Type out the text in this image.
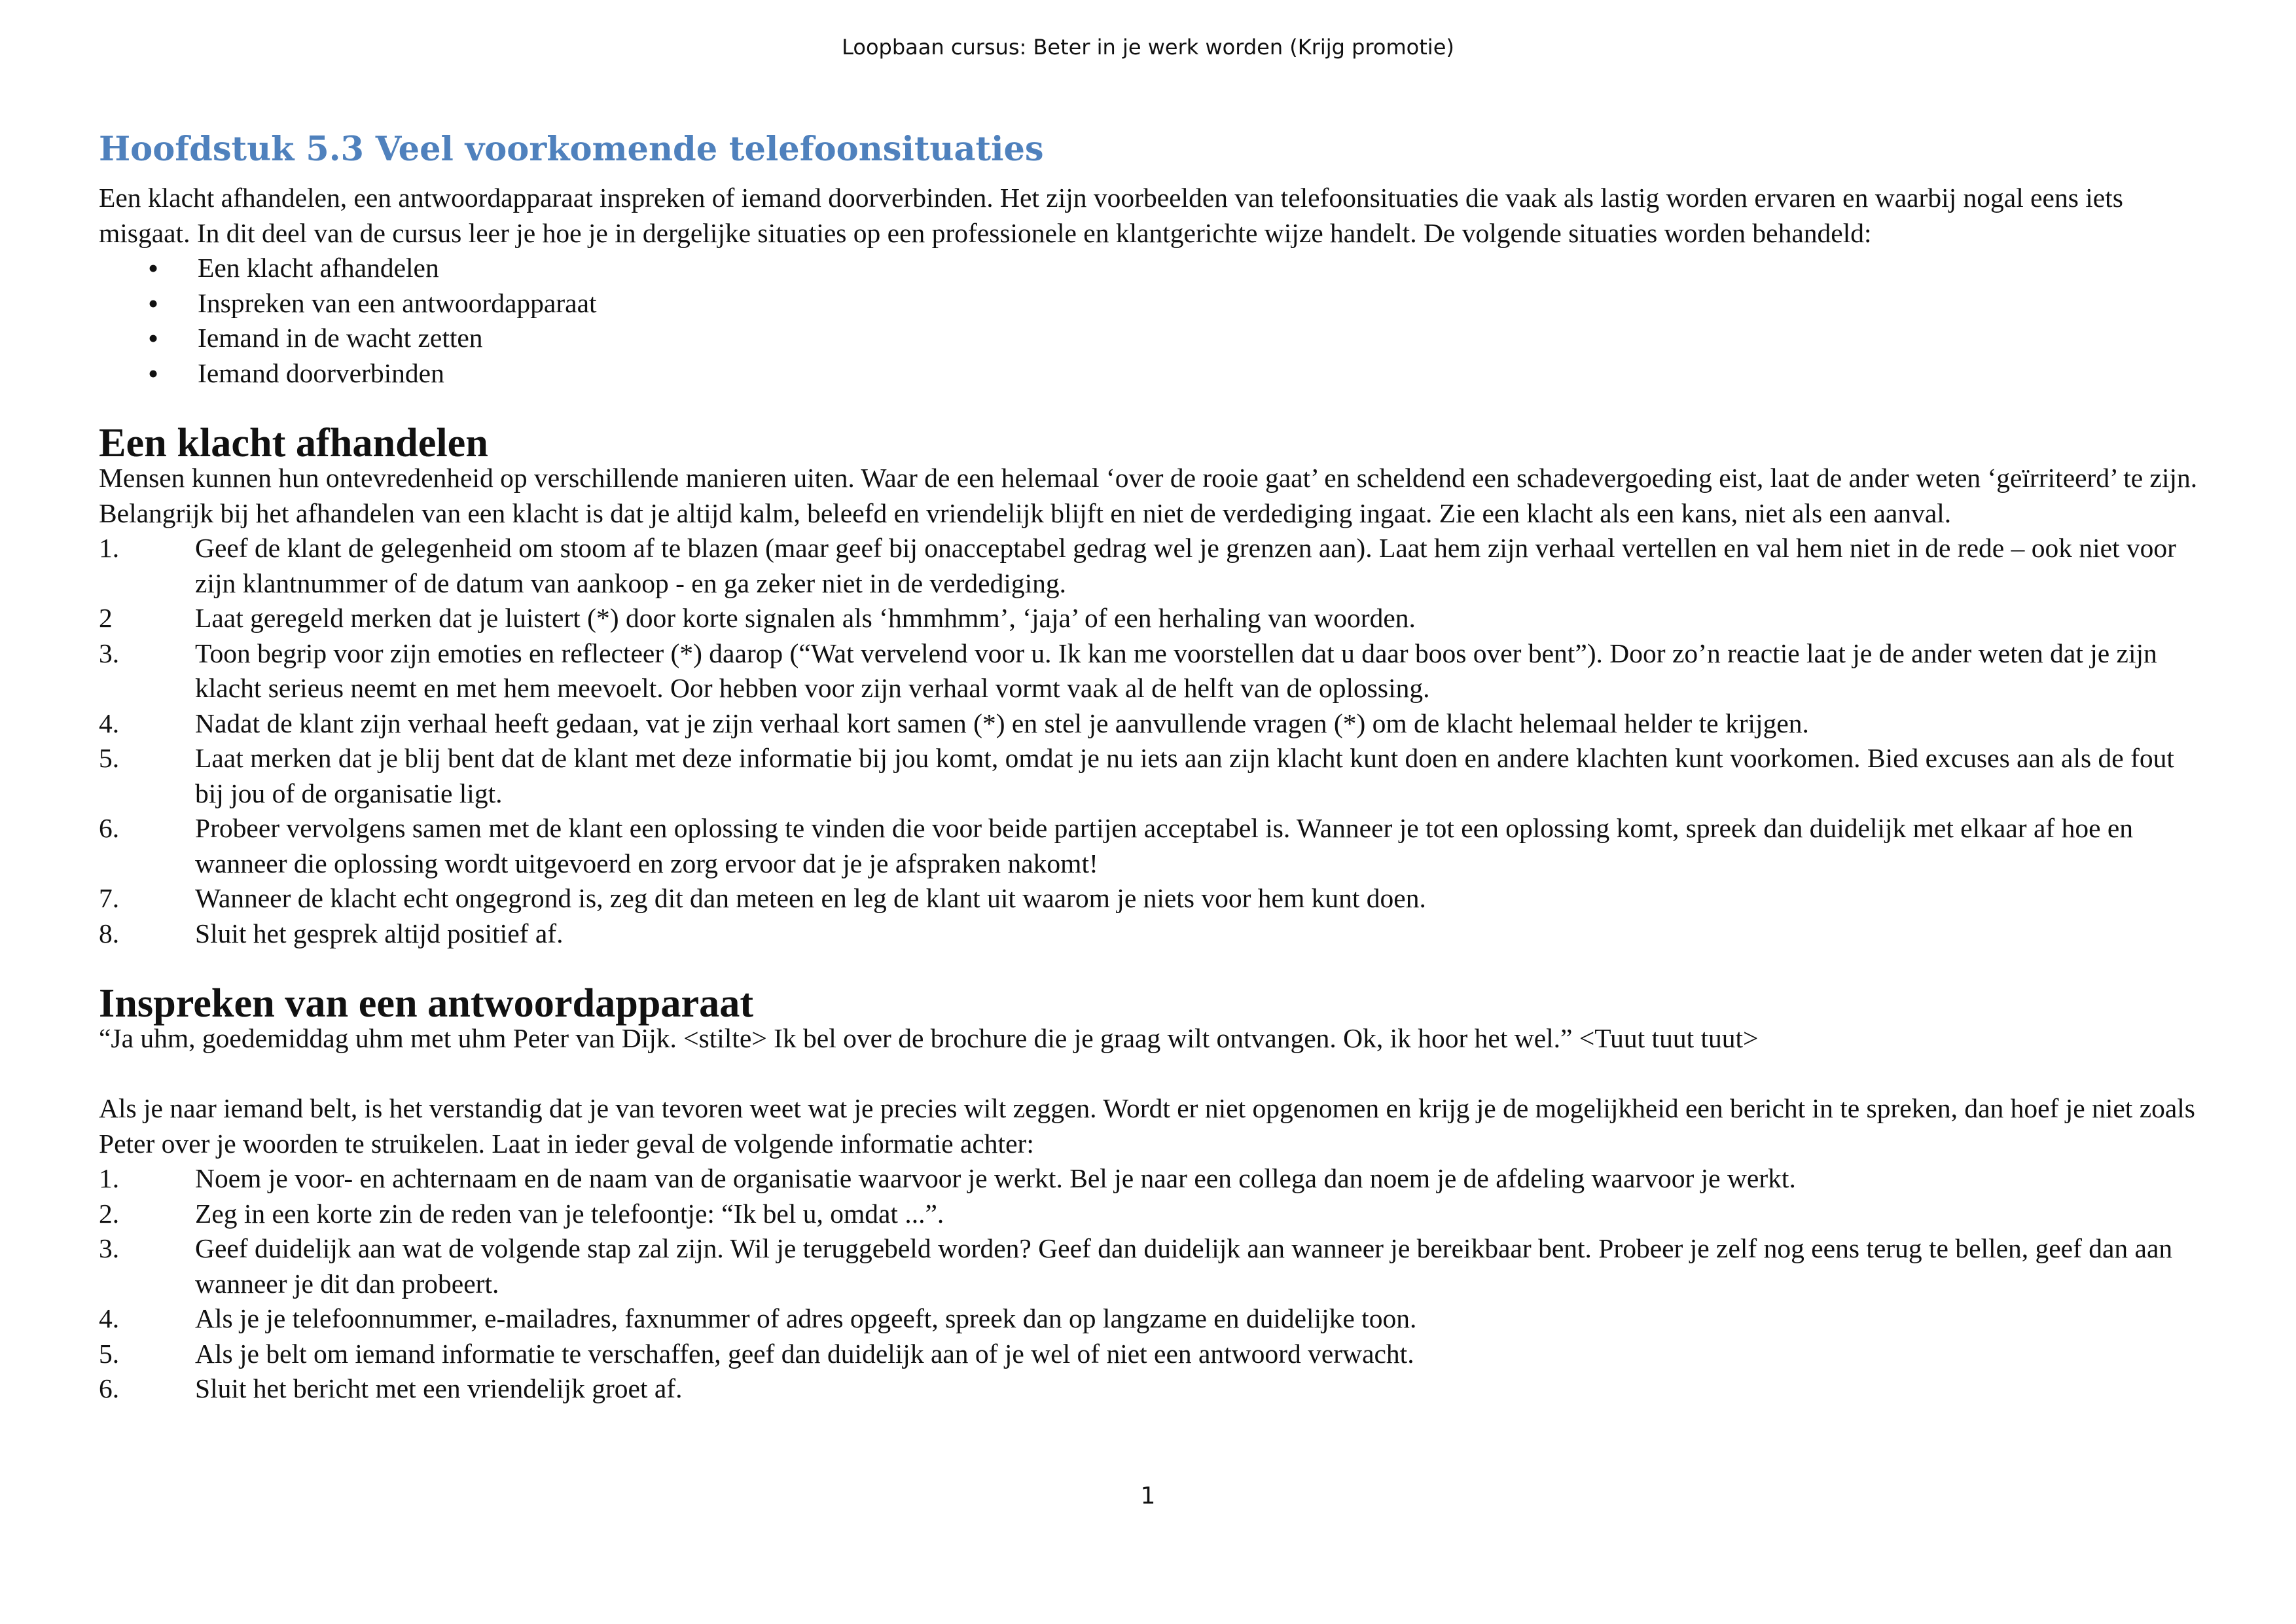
Loopbaan cursus: Beter in je werk worden (Krijg promotie)
Hoofdstuk 5.3 Veel voorkomende telefoonsituaties

Een klacht afhandelen, een antwoordapparaat inspreken of iemand doorverbinden. Het zijn voorbeelden van telefoonsituaties die vaak als lastig worden ervaren en waarbij nogal eens iets misgaat. In dit deel van de cursus leer je hoe je in dergelijke situaties op een professionele en klantgerichte wijze handelt. De volgende situaties worden behandeld:

• Een klacht afhandelen
• Inspreken van een antwoordapparaat
• Iemand in de wacht zetten
• Iemand doorverbinden
Een klacht afhandelen

Mensen kunnen hun ontevredenheid op verschillende manieren uiten. Waar de een helemaal ‘over de rooie gaat’ en scheldend een schadevergoeding eist, laat de ander weten ‘geïrriteerd’ te zijn. Belangrijk bij het afhandelen van een klacht is dat je altijd kalm, beleefd en vriendelijk blijft en niet de verdediging ingaat. Zie een klacht als een kans, niet als een aanval.

1.	Geef de klant de gelegenheid om stoom af te blazen (maar geef bij onacceptabel gedrag wel je grenzen aan). Laat hem zijn verhaal vertellen en val hem niet in de rede – ook niet voor zijn klantnummer of de datum van aankoop - en ga zeker niet in de verdediging.
2	Laat geregeld merken dat je luistert (*) door korte signalen als ‘hmmhmm’, ‘jaja’ of een herhaling van woorden.
3.	Toon begrip voor zijn emoties en reflecteer (*) daarop (“Wat vervelend voor u. Ik kan me voorstellen dat u daar boos over bent”). Door zo’n reactie laat je de ander weten dat je zijn klacht serieus neemt en met hem meevoelt. Oor hebben voor zijn verhaal vormt vaak al de helft van de oplossing.
4.	Nadat de klant zijn verhaal heeft gedaan, vat je zijn verhaal kort samen (*) en stel je aanvullende vragen (*) om de klacht helemaal helder te krijgen.
5.	Laat merken dat je blij bent dat de klant met deze informatie bij jou komt, omdat je nu iets aan zijn klacht kunt doen en andere klachten kunt voorkomen. Bied excuses aan als de fout bij jou of de organisatie ligt.
6.	Probeer vervolgens samen met de klant een oplossing te vinden die voor beide partijen acceptabel is. Wanneer je tot een oplossing komt, spreek dan duidelijk met elkaar af hoe en wanneer die oplossing wordt uitgevoerd en zorg ervoor dat je je afspraken nakomt!
7.	Wanneer de klacht echt ongegrond is, zeg dit dan meteen en leg de klant uit waarom je niets voor hem kunt doen.
8.	Sluit het gesprek altijd positief af.
Inspreken van een antwoordapparaat

“Ja uhm, goedemiddag uhm met uhm Peter van Dijk. <stilte> Ik bel over de brochure die je graag wilt ontvangen. Ok, ik hoor het wel.” <Tuut tuut tuut>

Als je naar iemand belt, is het verstandig dat je van tevoren weet wat je precies wilt zeggen. Wordt er niet opgenomen en krijg je de mogelijkheid een bericht in te spreken, dan hoef je niet zoals Peter over je woorden te struikelen. Laat in ieder geval de volgende informatie achter:

1.	Noem je voor- en achternaam en de naam van de organisatie waarvoor je werkt. Bel je naar een collega dan noem je de afdeling waarvoor je werkt.
2.	Zeg in een korte zin de reden van je telefoontje: “Ik bel u, omdat ...”.
3.	Geef duidelijk aan wat de volgende stap zal zijn. Wil je teruggebeld worden? Geef dan duidelijk aan wanneer je bereikbaar bent. Probeer je zelf nog eens terug te bellen, geef dan aan wanneer je dit dan probeert.
4.	Als je je telefoonnummer, e-mailadres, faxnummer of adres opgeeft, spreek dan op langzame en duidelijke toon.
5.	Als je belt om iemand informatie te verschaffen, geef dan duidelijk aan of je wel of niet een antwoord verwacht.
6.	Sluit het bericht met een vriendelijk groet af.
1
